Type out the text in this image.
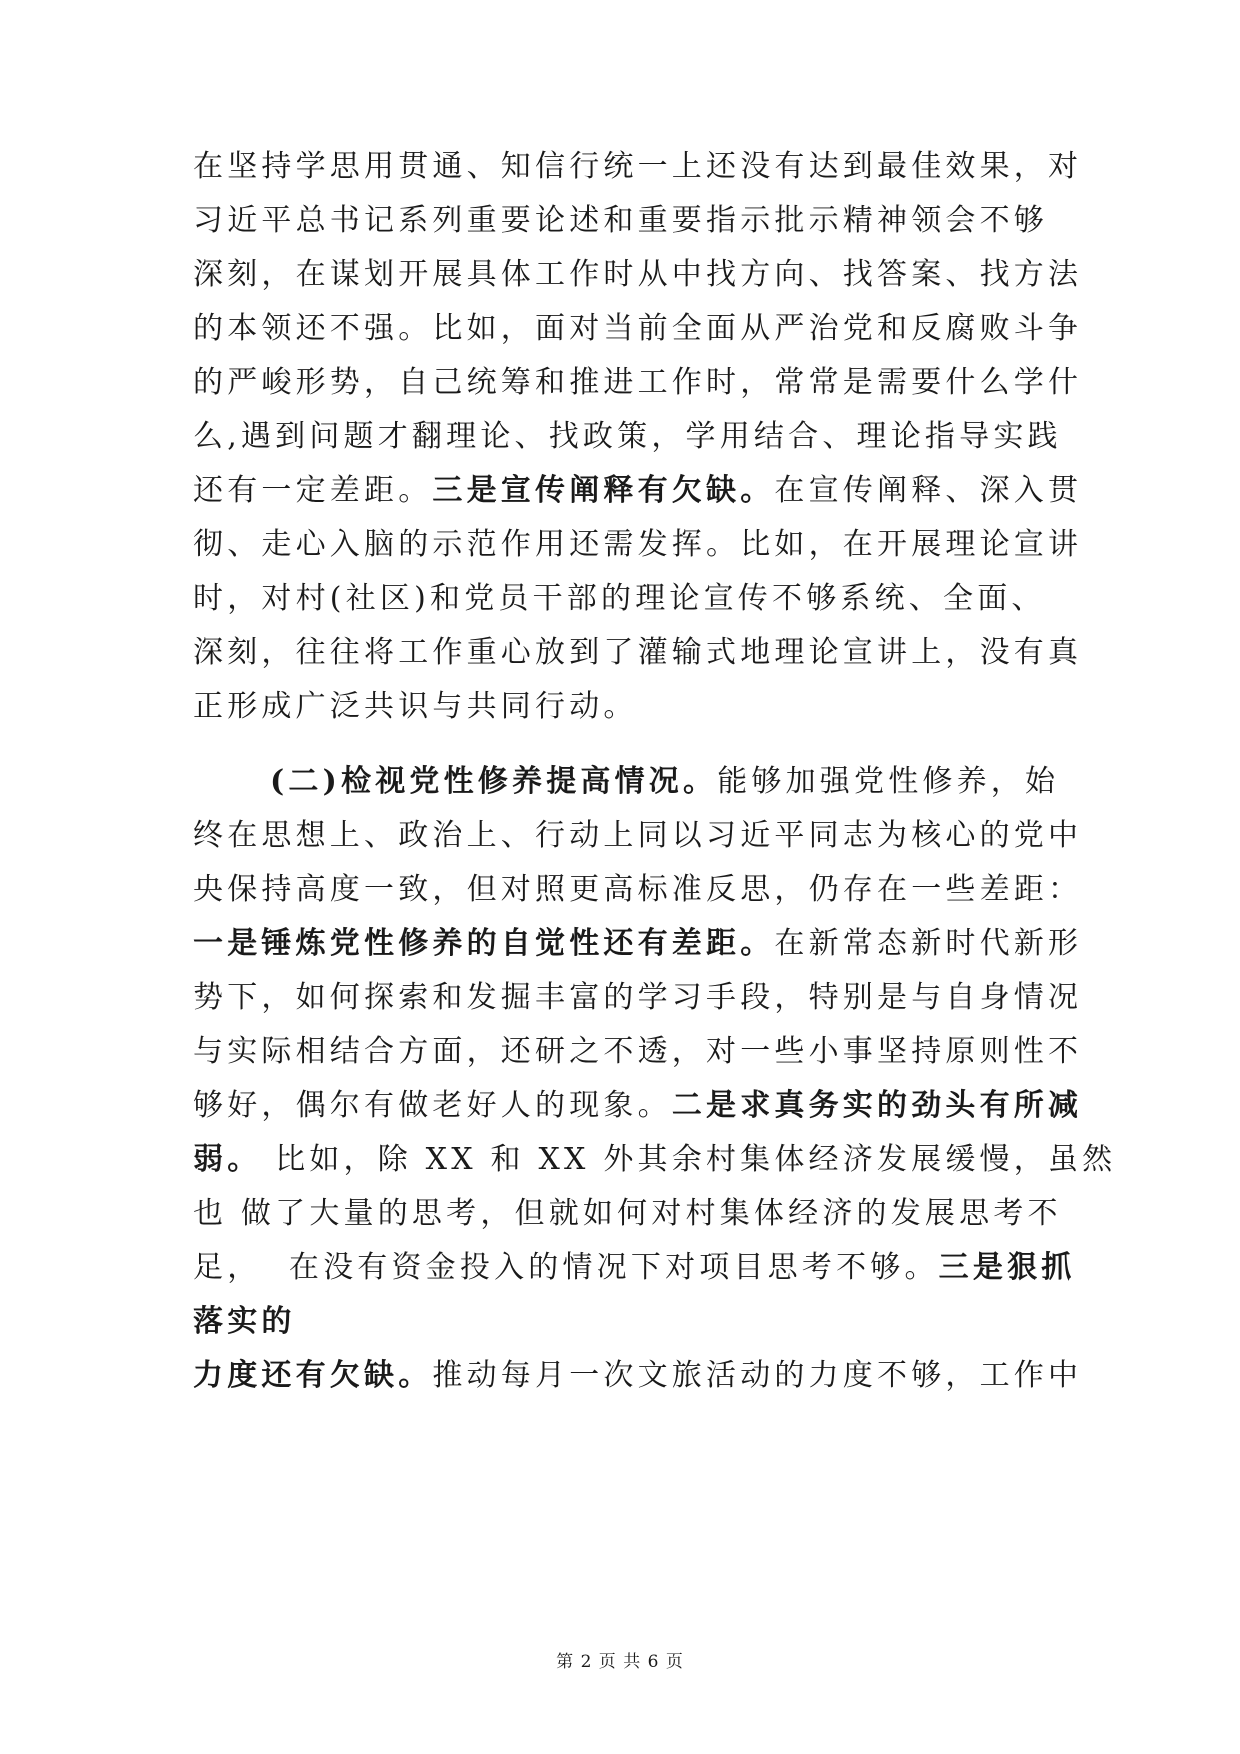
在坚持学思用贯通、知信行统一上还没有达到最佳效果，对
习近平总书记系列重要论述和重要指示批示精神领会不够
深刻，在谋划开展具体工作时从中找方向、找答案、找方法
的本领还不强。比如，面对当前全面从严治党和反腐败斗争
的严峻形势，自己统筹和推进工作时，常常是需要什么学什
么,遇到问题才翻理论、找政策，学用结合、理论指导实践
还有一定差距。三是宣传阐释有欠缺。在宣传阐释、深入贯
彻、走心入脑的示范作用还需发挥。比如，在开展理论宣讲
时，对村(社区)和党员干部的理论宣传不够系统、全面、
深刻，往往将工作重心放到了灌输式地理论宣讲上，没有真
正形成广泛共识与共同行动。
(二)检视党性修养提高情况。能够加强党性修养，始
终在思想上、政治上、行动上同以习近平同志为核心的党中
央保持高度一致，但对照更高标准反思，仍存在一些差距：
一是锤炼党性修养的自觉性还有差距。在新常态新时代新形
势下，如何探索和发掘丰富的学习手段，特别是与自身情况
与实际相结合方面，还研之不透，对一些小事坚持原则性不
够好，偶尔有做老好人的现象。二是求真务实的劲头有所减
弱。 比如，除 XX 和 XX 外其余村集体经济发展缓慢，虽然
也 做了大量的思考，但就如何对村集体经济的发展思考不
足，  在没有资金投入的情况下对项目思考不够。三是狠抓
落实的
力度还有欠缺。推动每月一次文旅活动的力度不够，工作中
第 2 页 共 6 页
